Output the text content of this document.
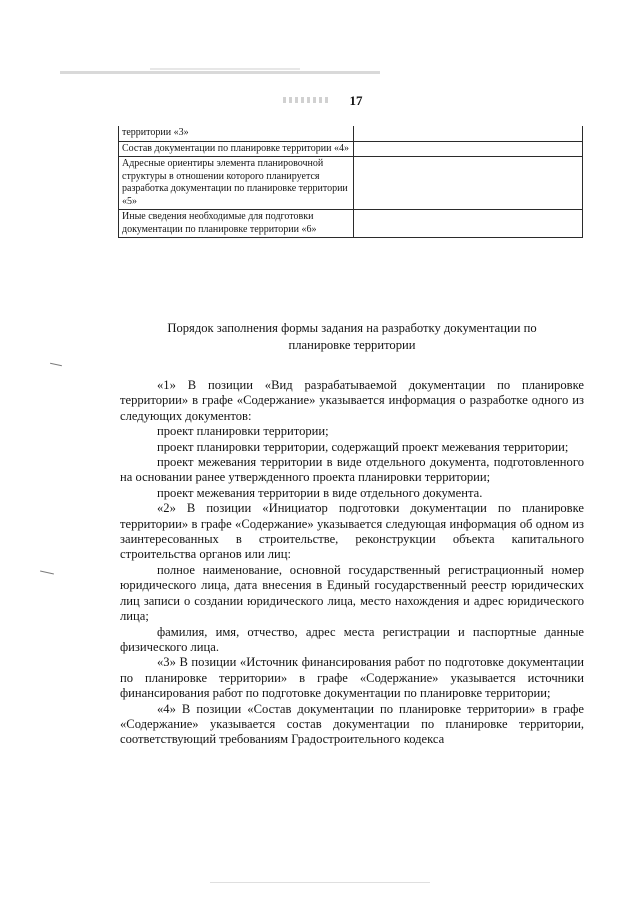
17
территории «3»	
Состав документации по планировке территории «4»	
Адресные ориентиры элемента планировочной структуры в отношении которого планируется разработка документации по планировке территории «5»	
Иные сведения необходимые для подготовки документации по планировке территории «6»	
Порядок заполнения формы задания на разработку документации по
планировке территории

«1» В позиции «Вид разрабатываемой документации по планировке территории» в графе «Содержание» указывается информация о разработке одного из следующих документов:

проект планировки территории;

проект планировки территории, содержащий проект межевания территории;

проект межевания территории в виде отдельного документа, подготовленного на основании ранее утвержденного проекта планировки территории;

проект межевания территории в виде отдельного документа.

«2» В позиции «Инициатор подготовки документации по планировке территории» в графе «Содержание» указывается следующая информация об одном из заинтересованных в строительстве, реконструкции объекта капитального строительства органов или лиц:

полное наименование, основной государственный регистрационный номер юридического лица, дата внесения в Единый государственный реестр юридических лиц записи о создании юридического лица, место нахождения и адрес юридического лица;

фамилия, имя, отчество, адрес места регистрации и паспортные данные физического лица.

«3» В позиции «Источник финансирования работ по подготовке документации по планировке территории» в графе «Содержание» указывается источники финансирования работ по подготовке документации по планировке территории;

«4» В позиции «Состав документации по планировке территории» в графе «Содержание» указывается состав документации по планировке территории, соответствующий требованиям Градостроительного кодекса
